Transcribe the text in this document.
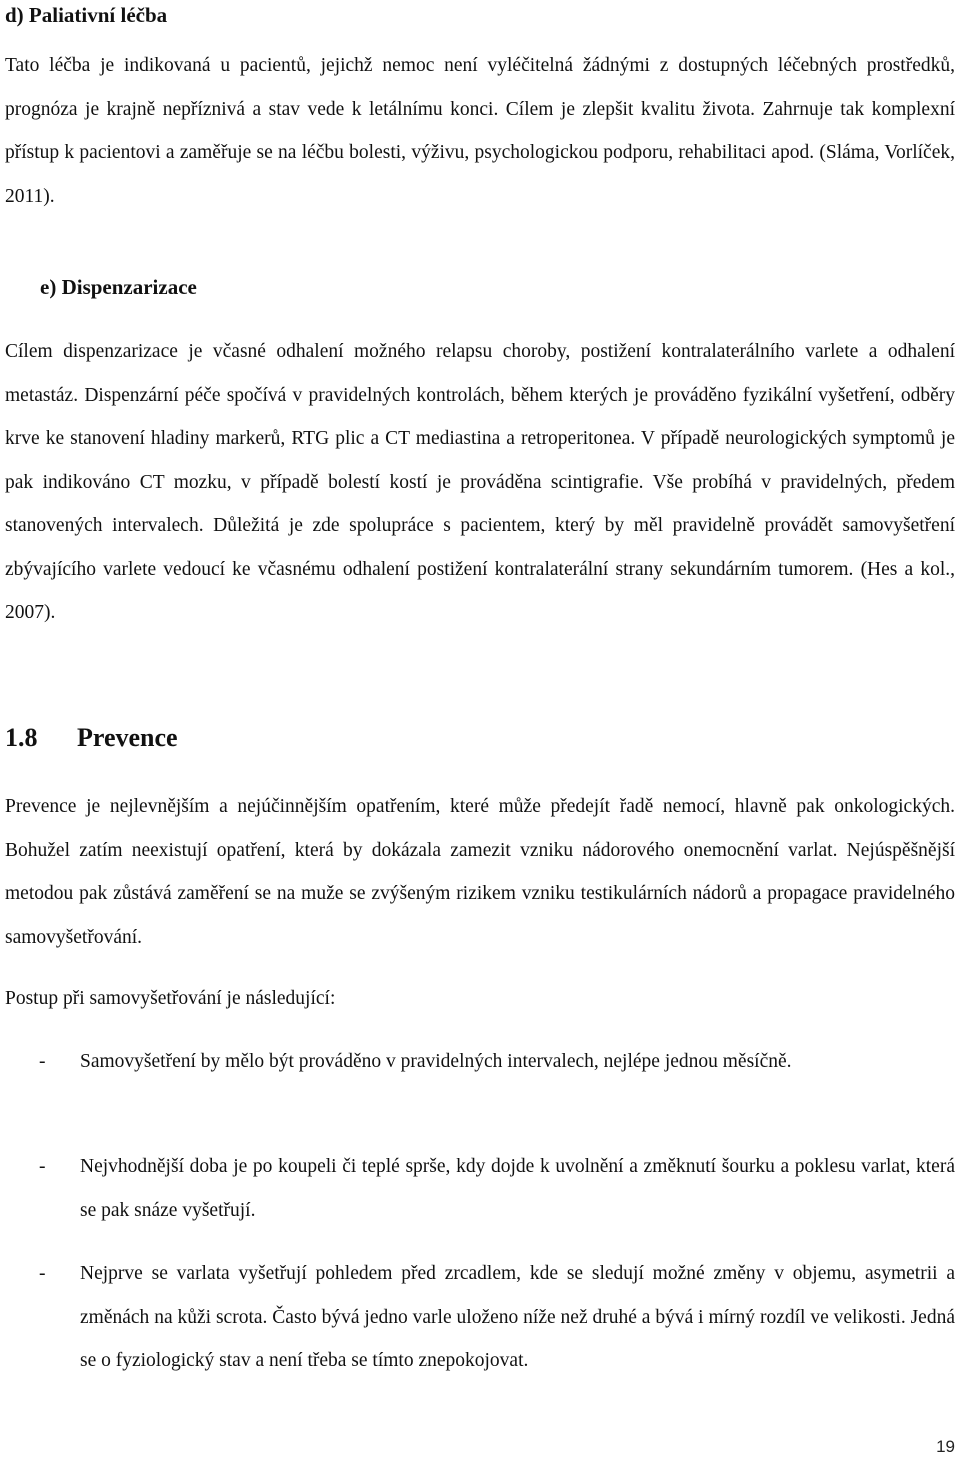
d) Paliativní léčba

Tato léčba je indikovaná u pacientů, jejichž nemoc není vyléčitelná žádnými z dostupných léčebných prostředků, prognóza je krajně nepříznivá a stav vede k letálnímu konci. Cílem je zlepšit kvalitu života. Zahrnuje tak komplexní přístup k pacientovi a zaměřuje se na léčbu bolesti, výživu, psychologickou podporu, rehabilitaci apod. (Sláma, Vorlíček, 2011).

e) Dispenzarizace

Cílem dispenzarizace je včasné odhalení možného relapsu choroby, postižení kontralaterálního varlete a odhalení metastáz. Dispenzární péče spočívá v pravidelných kontrolách, během kterých je prováděno fyzikální vyšetření, odběry krve ke stanovení hladiny markerů, RTG plic a CT mediastina a retroperitonea. V případě neurologických symptomů je pak indikováno CT mozku, v případě bolestí kostí je prováděna scintigrafie. Vše probíhá v pravidelných, předem stanovených intervalech. Důležitá je zde spolupráce s pacientem, který by měl pravidelně provádět samovyšetření zbývajícího varlete vedoucí ke včasnému odhalení postižení kontralaterální strany sekundárním tumorem. (Hes a kol., 2007).

1.8 Prevence

Prevence je nejlevnějším a nejúčinnějším opatřením, které může předejít řadě nemocí, hlavně pak onkologických. Bohužel zatím neexistují opatření, která by dokázala zamezit vzniku nádorového onemocnění varlat. Nejúspěšnější metodou pak zůstává zaměření se na muže se zvýšeným rizikem vzniku testikulárních nádorů a propagace pravidelného samovyšetřování.

Postup při samovyšetřování je následující:

- Samovyšetření by mělo být prováděno v pravidelných intervalech, nejlépe jednou měsíčně.
- Nejvhodnější doba je po koupeli či teplé sprše, kdy dojde k uvolnění a změknutí šourku a poklesu varlat, která se pak snáze vyšetřují.
- Nejprve se varlata vyšetřují pohledem před zrcadlem, kde se sledují možné změny v objemu, asymetrii a změnách na kůži scrota. Často bývá jedno varle uloženo níže než druhé a bývá i mírný rozdíl ve velikosti. Jedná se o fyziologický stav a není třeba se tímto znepokojovat.
19
